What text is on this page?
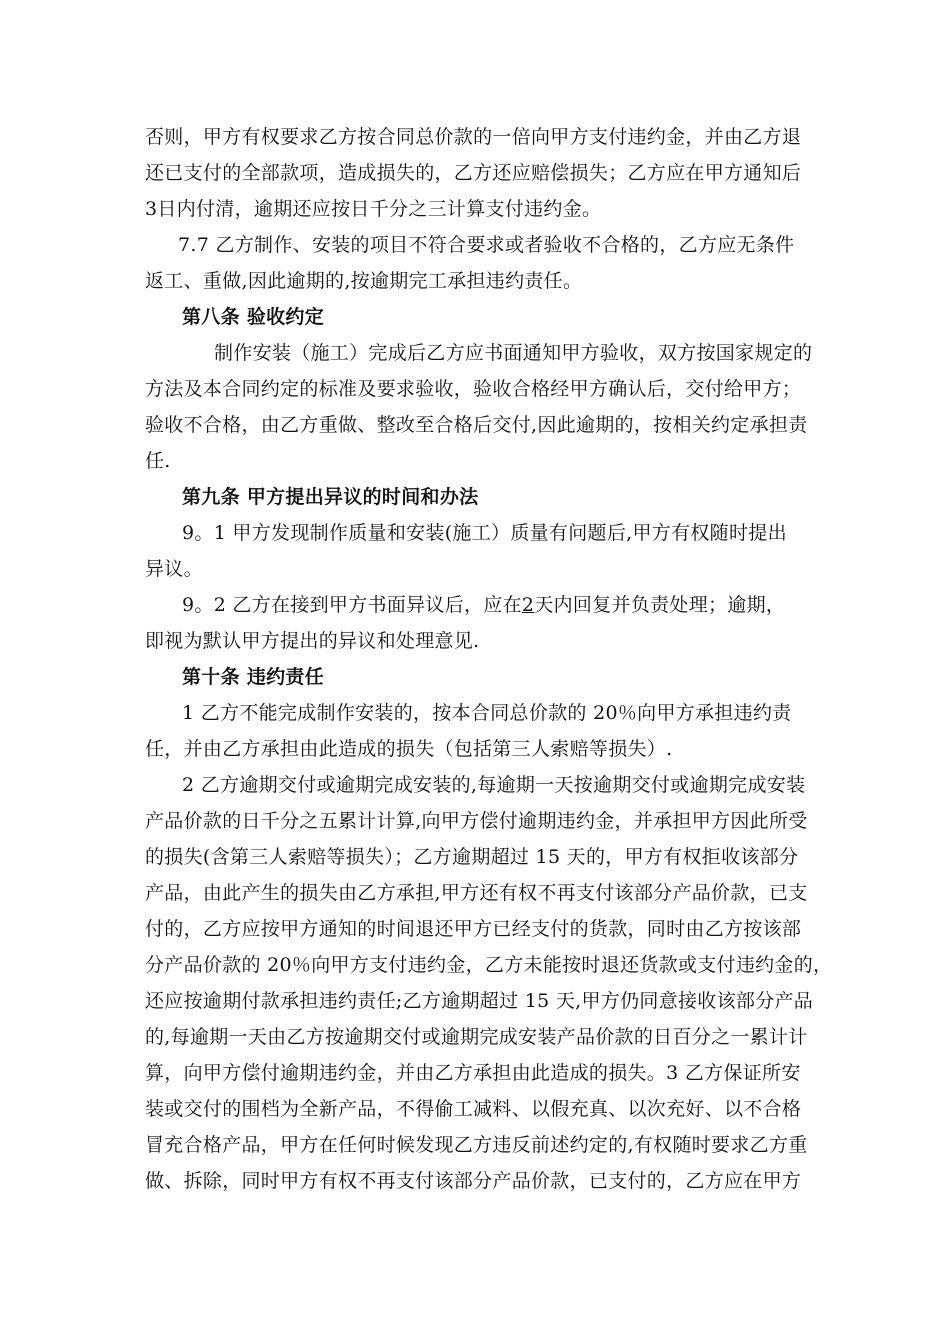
否则，甲方有权要求乙方按合同总价款的一倍向甲方支付违约金，并由乙方退
还已支付的全部款项，造成损失的，乙方还应赔偿损失；乙方应在甲方通知后
3日内付清，逾期还应按日千分之三计算支付违约金。
7.7 乙方制作、安装的项目不符合要求或者验收不合格的，乙方应无条件
返工、重做,因此逾期的,按逾期完工承担违约责任。
第八条 验收约定
制作安装（施工）完成后乙方应书面通知甲方验收，双方按国家规定的
方法及本合同约定的标准及要求验收，验收合格经甲方确认后，交付给甲方；
验收不合格，由乙方重做、整改至合格后交付,因此逾期的，按相关约定承担责
任.
第九条 甲方提出异议的时间和办法
9。1 甲方发现制作质量和安装(施工）质量有问题后,甲方有权随时提出
异议。
9。2 乙方在接到甲方书面异议后，应在2天内回复并负责处理；逾期，
即视为默认甲方提出的异议和处理意见.
第十条 违约责任
1 乙方不能完成制作安装的，按本合同总价款的 20％向甲方承担违约责
任，并由乙方承担由此造成的损失（包括第三人索赔等损失）.
2 乙方逾期交付或逾期完成安装的,每逾期一天按逾期交付或逾期完成安装
产品价款的日千分之五累计计算,向甲方偿付逾期违约金，并承担甲方因此所受
的损失(含第三人索赔等损失）；乙方逾期超过 15 天的，甲方有权拒收该部分
产品，由此产生的损失由乙方承担,甲方还有权不再支付该部分产品价款，已支
付的，乙方应按甲方通知的时间退还甲方已经支付的货款，同时由乙方按该部
分产品价款的 20％向甲方支付违约金，乙方未能按时退还货款或支付违约金的，
还应按逾期付款承担违约责任;乙方逾期超过 15 天,甲方仍同意接收该部分产品
的,每逾期一天由乙方按逾期交付或逾期完成安装产品价款的日百分之一累计计
算，向甲方偿付逾期违约金，并由乙方承担由此造成的损失。3 乙方保证所安
装或交付的围档为全新产品，不得偷工减料、以假充真、以次充好、以不合格
冒充合格产品，甲方在任何时候发现乙方违反前述约定的,有权随时要求乙方重
做、拆除，同时甲方有权不再支付该部分产品价款，已支付的，乙方应在甲方
